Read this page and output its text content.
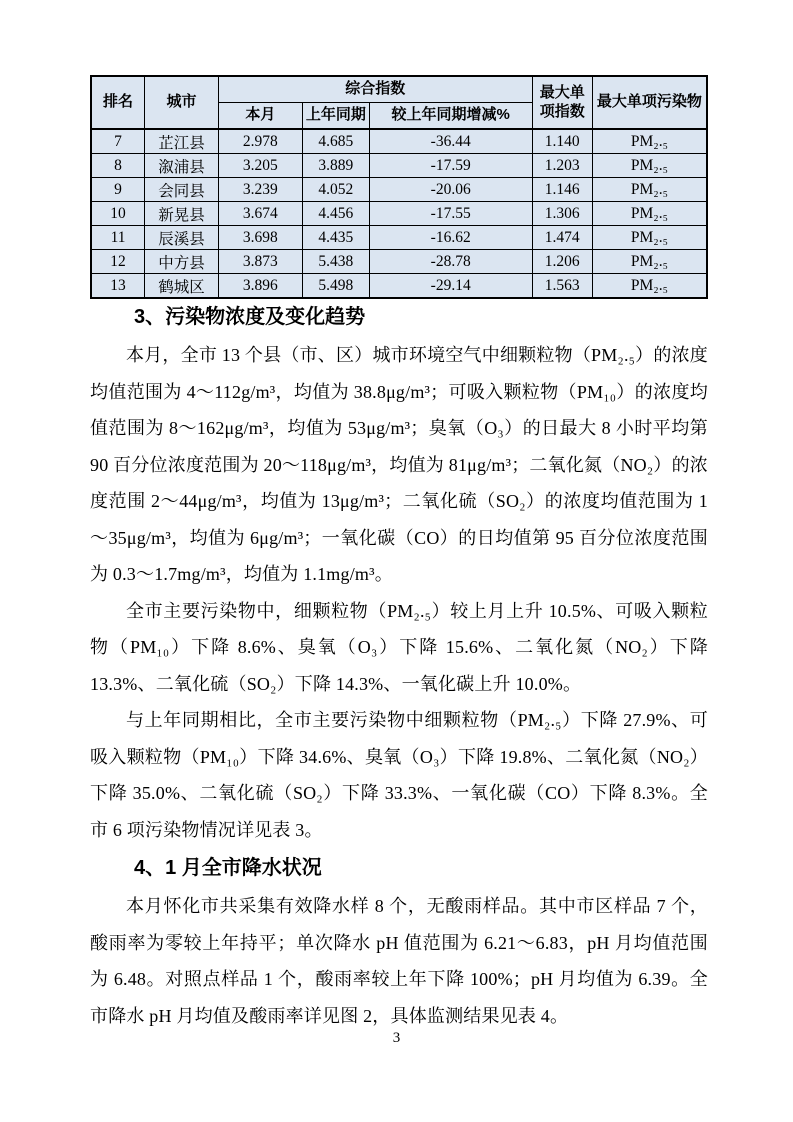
排名	城市	综合指数			最大单项指数	最大单项污染物
		本月	上年同期	较上年同期增减%		
7	芷江县	2.978	4.685	-36.44	1.140	PM₂.₅
8	溆浦县	3.205	3.889	-17.59	1.203	PM₂.₅
9	会同县	3.239	4.052	-20.06	1.146	PM₂.₅
10	新晃县	3.674	4.456	-17.55	1.306	PM₂.₅
11	辰溪县	3.698	4.435	-16.62	1.474	PM₂.₅
12	中方县	3.873	5.438	-28.78	1.206	PM₂.₅
13	鹤城区	3.896	5.498	-29.14	1.563	PM₂.₅
3、污染物浓度及变化趋势

本月，全市 13 个县（市、区）城市环境空气中细颗粒物（PM₂.₅）的浓度均值范围为 4～112g/m³，均值为 38.8μg/m³；可吸入颗粒物（PM₁₀）的浓度均值范围为 8～162μg/m³，均值为 53μg/m³；臭氧（O₃）的日最大 8 小时平均第 90 百分位浓度范围为 20～118μg/m³，均值为 81μg/m³；二氧化氮（NO₂）的浓度范围 2～44μg/m³，均值为 13μg/m³；二氧化硫（SO₂）的浓度均值范围为 1～35μg/m³，均值为 6μg/m³；一氧化碳（CO）的日均值第 95 百分位浓度范围为 0.3～1.7mg/m³，均值为 1.1mg/m³。

全市主要污染物中，细颗粒物（PM₂.₅）较上月上升 10.5%、可吸入颗粒物（PM₁₀）下降 8.6%、臭氧（O₃）下降 15.6%、二氧化氮（NO₂）下降 13.3%、二氧化硫（SO₂）下降 14.3%、一氧化碳上升 10.0%。

与上年同期相比，全市主要污染物中细颗粒物（PM₂.₅）下降 27.9%、可吸入颗粒物（PM₁₀）下降 34.6%、臭氧（O₃）下降 19.8%、二氧化氮（NO₂）下降 35.0%、二氧化硫（SO₂）下降 33.3%、一氧化碳（CO）下降 8.3%。全市 6 项污染物情况详见表 3。

4、1 月全市降水状况

本月怀化市共采集有效降水样 8 个，无酸雨样品。其中市区样品 7 个，酸雨率为零较上年持平；单次降水 pH 值范围为 6.21～6.83，pH 月均值范围为 6.48。对照点样品 1 个，酸雨率较上年下降 100%；pH 月均值为 6.39。全市降水 pH 月均值及酸雨率详见图 2，具体监测结果见表 4。

3
